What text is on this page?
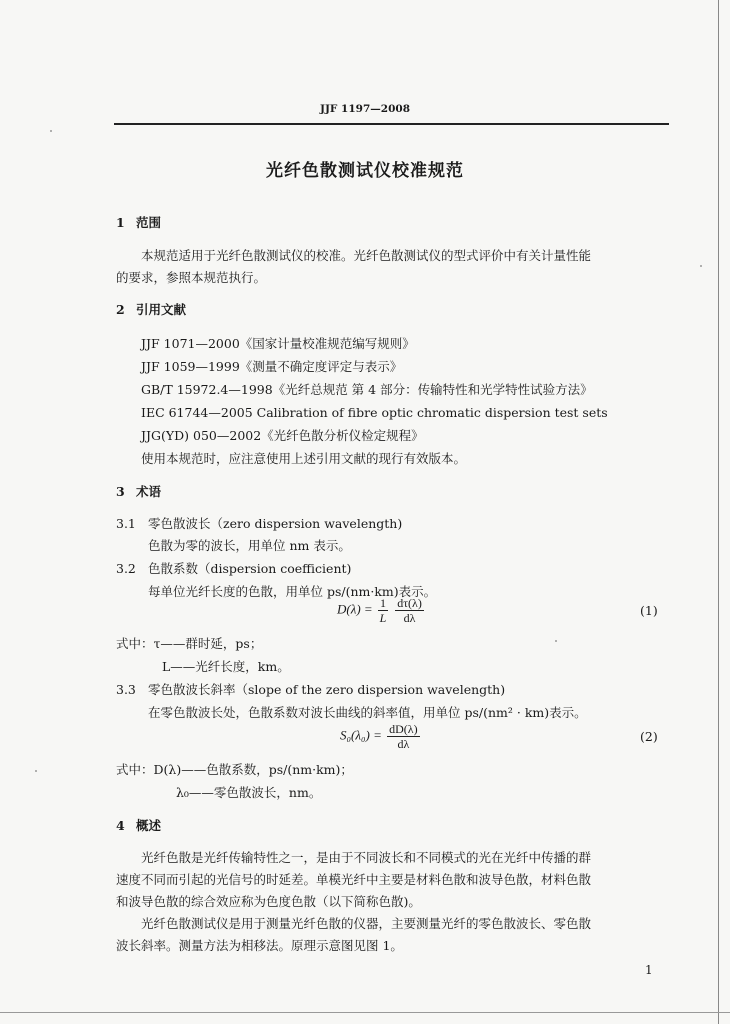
JJF 1197—2008
光纤色散测试仪校准规范
1 范围
本规范适用于光纤色散测试仪的校准。光纤色散测试仪的型式评价中有关计量性能
的要求，参照本规范执行。
2 引用文献
JJF 1071—2000《国家计量校准规范编写规则》
JJF 1059—1999《测量不确定度评定与表示》
GB/T 15972.4—1998《光纤总规范 第 4 部分：传输特性和光学特性试验方法》
IEC 61744—2005 Calibration of fibre optic chromatic dispersion test sets
JJG(YD) 050—2002《光纤色散分析仪检定规程》
使用本规范时，应注意使用上述引用文献的现行有效版本。
3 术语
3.1 零色散波长（zero dispersion wavelength)
色散为零的波长，用单位 nm 表示。
3.2 色散系数（dispersion coefficient)
每单位光纤长度的色散，用单位 ps/(nm·km)表示。
$D(\lambda) = \frac{1}{L}$
$\frac{d\tau(\lambda)}{d\lambda}$	(1)
式中：τ——群时延，ps；
L——光纤长度，km。
3.3 零色散波长斜率（slope of the zero dispersion wavelength)
在零色散波长处，色散系数对波长曲线的斜率值，用单位 ps/(nm² · km)表示。
$S_0(\lambda_0) = \frac{dD(\lambda)}{d\lambda}$	(2)
式中：D(λ)——色散系数，ps/(nm·km)；
λ₀——零色散波长，nm。
4 概述
光纤色散是光纤传输特性之一，是由于不同波长和不同模式的光在光纤中传播的群
速度不同而引起的光信号的时延差。单模光纤中主要是材料色散和波导色散，材料色散
和波导色散的综合效应称为色度色散（以下简称色散)。
光纤色散测试仪是用于测量光纤色散的仪器，主要测量光纤的零色散波长、零色散
波长斜率。测量方法为相移法。原理示意图见图 1。
1
